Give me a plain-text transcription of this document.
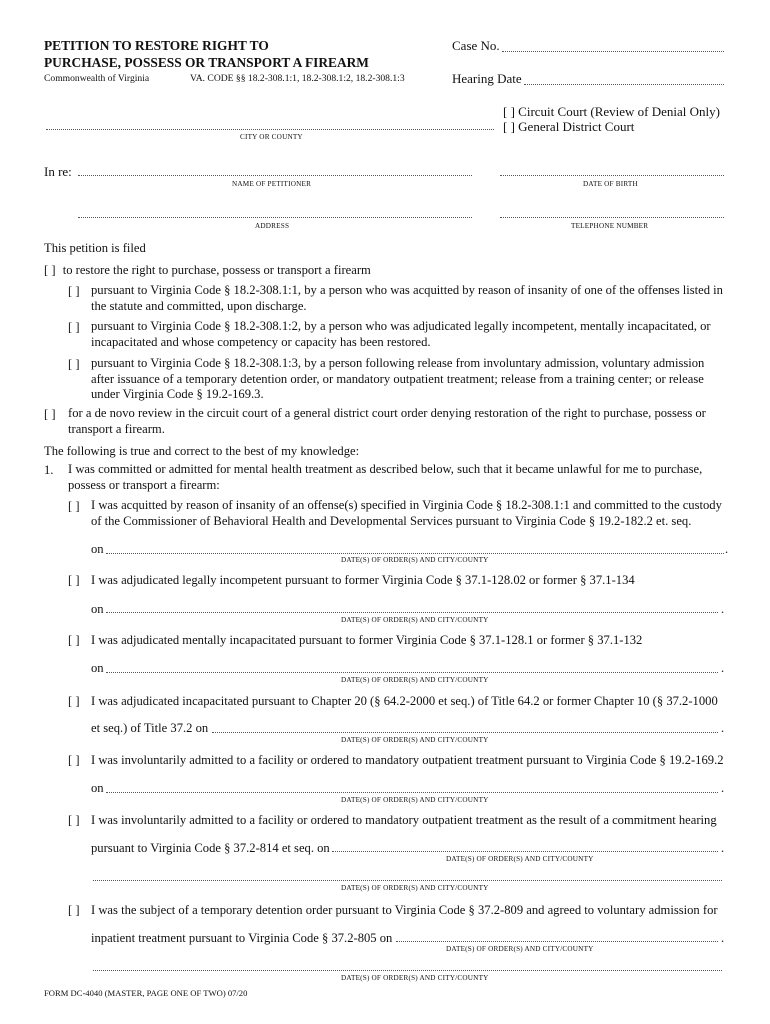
PETITION TO RESTORE RIGHT TO
PURCHASE, POSSESS OR TRANSPORT A FIREARM
Commonwealth of Virginia	VA. CODE §§ 18.2-308.1:1, 18.2-308.1:2, 18.2-308.1:3
Case No.
Hearing Date
[ ] Circuit Court (Review of Denial Only)
[ ] General District Court
CITY OR COUNTY
In re:
NAME OF PETITIONER	DATE OF BIRTH
ADDRESS	TELEPHONE NUMBER
This petition is filed
[ ] to restore the right to purchase, possess or transport a firearm
[ ] pursuant to Virginia Code § 18.2-308.1:1, by a person who was acquitted by reason of insanity of one of the offenses listed in the statute and committed, upon discharge.
[ ] pursuant to Virginia Code § 18.2-308.1:2, by a person who was adjudicated legally incompetent, mentally incapacitated, or incapacitated and whose competency or capacity has been restored.
[ ] pursuant to Virginia Code § 18.2-308.1:3, by a person following release from involuntary admission, voluntary admission after issuance of a temporary detention order, or mandatory outpatient treatment; release from a training center; or release under Virginia Code § 19.2-169.3.
[ ] for a de novo review in the circuit court of a general district court order denying restoration of the right to purchase, possess or transport a firearm.
The following is true and correct to the best of my knowledge:
1. I was committed or admitted for mental health treatment as described below, such that it became unlawful for me to purchase, possess or transport a firearm:
[ ] I was acquitted by reason of insanity of an offense(s) specified in Virginia Code § 18.2-308.1:1 and committed to the custody of the Commissioner of Behavioral Health and Developmental Services pursuant to Virginia Code § 19.2-182.2 et. seq.
on	.
DATE(S) OF ORDER(S) AND CITY/COUNTY
[ ] I was adjudicated legally incompetent pursuant to former Virginia Code § 37.1-128.02 or former § 37.1-134
on	.
DATE(S) OF ORDER(S) AND CITY/COUNTY
[ ] I was adjudicated mentally incapacitated pursuant to former Virginia Code § 37.1-128.1 or former § 37.1-132
on	.
DATE(S) OF ORDER(S) AND CITY/COUNTY
[ ] I was adjudicated incapacitated pursuant to Chapter 20 (§ 64.2-2000 et seq.) of Title 64.2 or former Chapter 10 (§ 37.2-1000
et seq.) of Title 37.2 on	.
DATE(S) OF ORDER(S) AND CITY/COUNTY
[ ] I was involuntarily admitted to a facility or ordered to mandatory outpatient treatment pursuant to Virginia Code § 19.2-169.2
on	.
DATE(S) OF ORDER(S) AND CITY/COUNTY
[ ] I was involuntarily admitted to a facility or ordered to mandatory outpatient treatment as the result of a commitment hearing
pursuant to Virginia Code § 37.2-814 et seq. on	.
DATE(S) OF ORDER(S) AND CITY/COUNTY
DATE(S) OF ORDER(S) AND CITY/COUNTY
[ ] I was the subject of a temporary detention order pursuant to Virginia Code § 37.2-809 and agreed to voluntary admission for
inpatient treatment pursuant to Virginia Code § 37.2-805 on	.
DATE(S) OF ORDER(S) AND CITY/COUNTY
DATE(S) OF ORDER(S) AND CITY/COUNTY
FORM DC-4040 (MASTER, PAGE ONE OF TWO) 07/20
